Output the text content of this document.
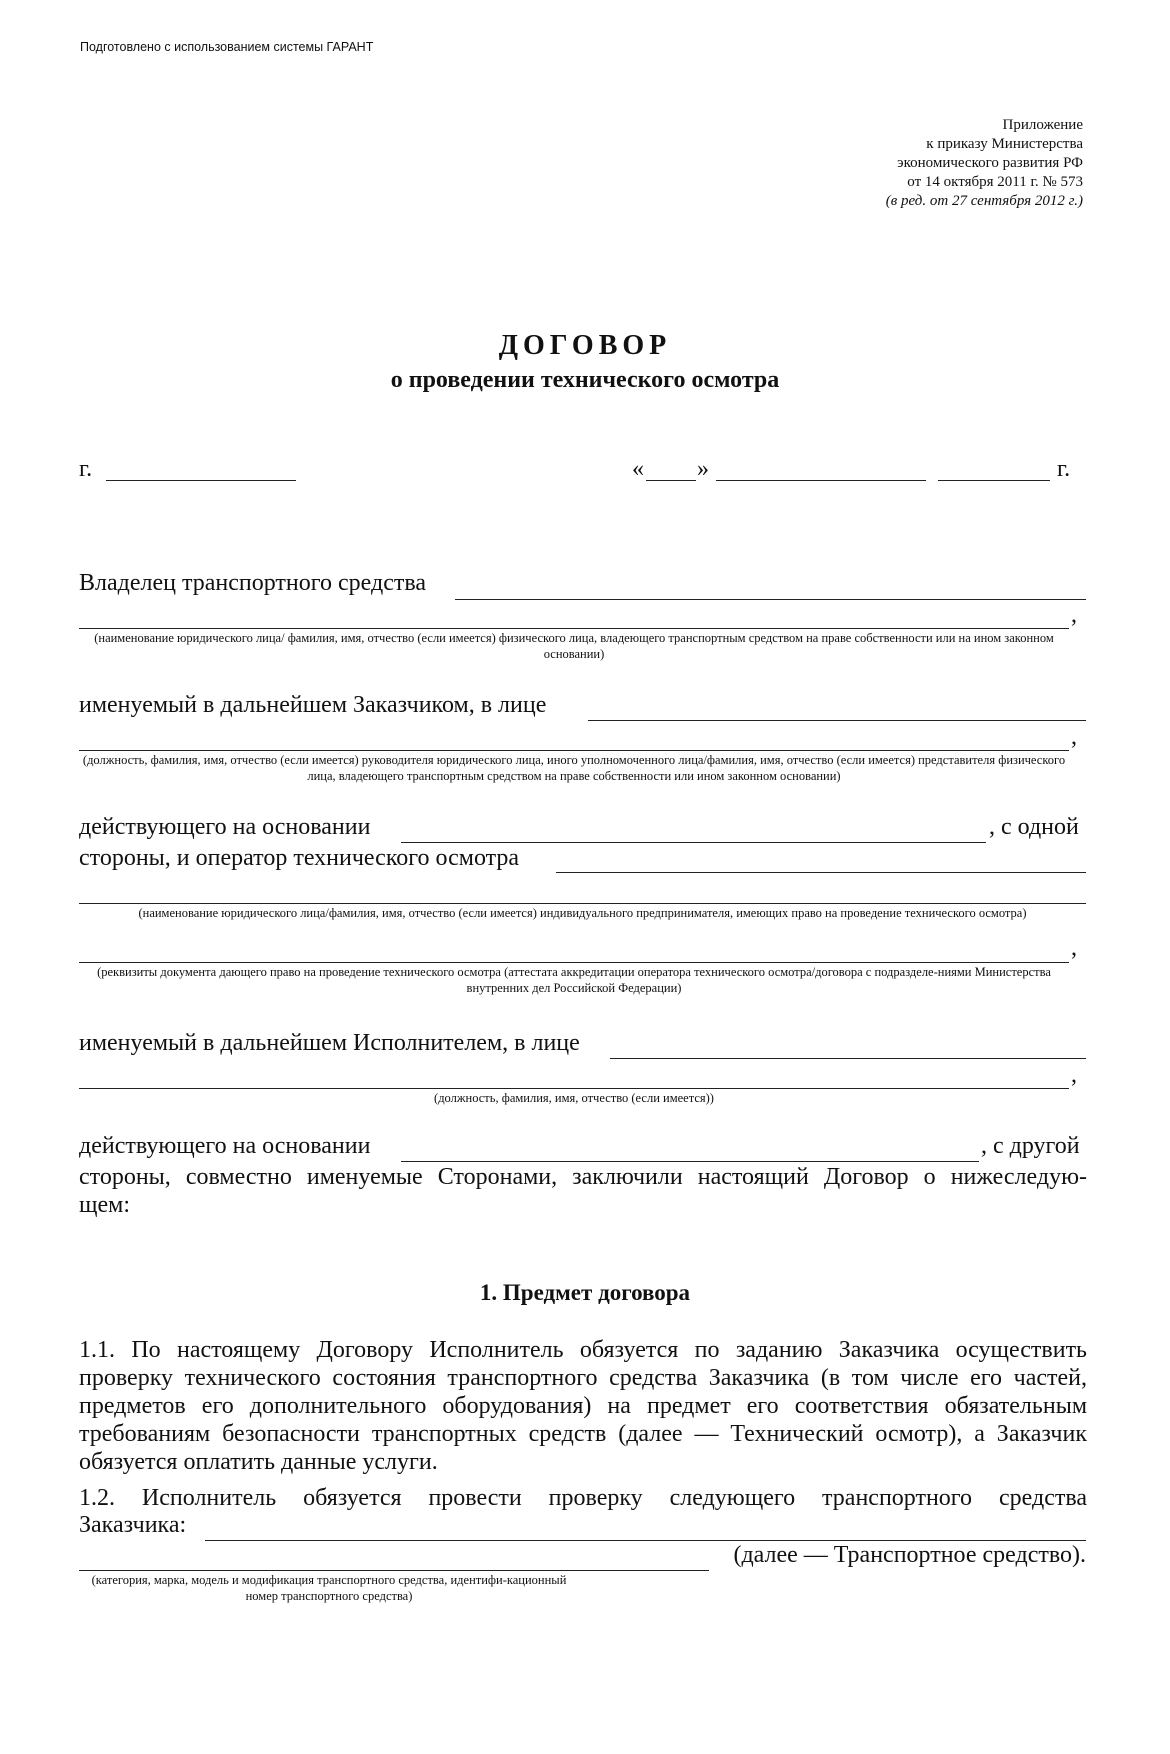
Подготовлено с использованием системы ГАРАНТ
Приложение
к приказу Министерства
экономического развития РФ
от 14 октября 2011 г. № 573
(в ред. от 27 сентября 2012 г.)
ДОГОВОР
о проведении технического осмотра
г.	« »	г.
Владелец транспортного средства
,
(наименование юридического лица/ фамилия, имя, отчество (если имеется) физического лица, владеющего транспортным средством на праве собственности или на ином законном основании)
именуемый в дальнейшем Заказчиком, в лице
,
(должность, фамилия, имя, отчество (если имеется) руководителя юридического лица, иного уполномоченного лица/фамилия, имя, отчество (если имеется) представителя физического лица, владеющего транспортным средством на праве собственности или ином законном основании)
действующего на основании	, с одной
стороны, и оператор технического осмотра
(наименование юридического лица/фамилия, имя, отчество (если имеется) индивидуального предпринимателя, имеющих право на проведение технического осмотра)
,
(реквизиты документа дающего право на проведение технического осмотра (аттестата аккредитации оператора технического осмотра/договора с подразделе-ниями Министерства внутренних дел Российской Федерации)
именуемый в дальнейшем Исполнителем, в лице
,
(должность, фамилия, имя, отчество (если имеется))
действующего на основании	, с другой
стороны, совместно именуемые Сторонами, заключили настоящий Договор о нижеследую-
щем:
1. Предмет договора
1.1. По настоящему Договору Исполнитель обязуется по заданию Заказчика осуществить
проверку технического состояния транспортного средства Заказчика (в том числе его частей,
предметов его дополнительного оборудования) на предмет его соответствия обязательным
требованиям безопасности транспортных средств (далее — Технический осмотр), а Заказчик
обязуется оплатить данные услуги.
1.2. Исполнитель обязуется провести проверку следующего транспортного средства
Заказчика:
(далее — Транспортное средство).
(категория, марка, модель и модификация транспортного средства, идентифи-кационный номер транспортного средства)
